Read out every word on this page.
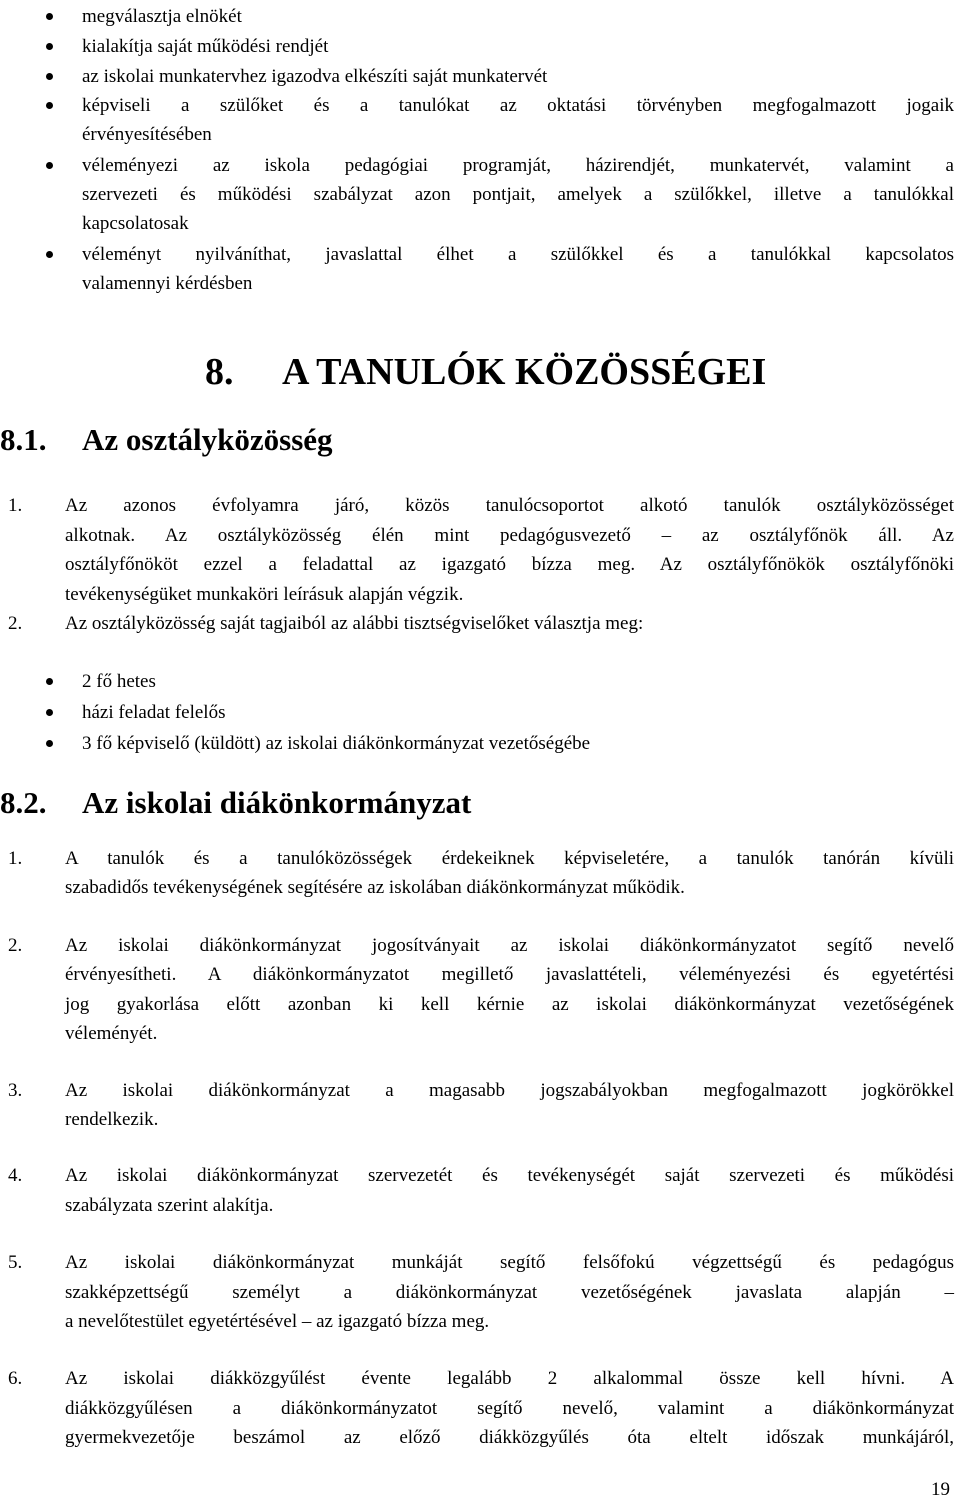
megválasztja elnökét
kialakítja saját működési rendjét
az iskolai munkatervhez igazodva elkészíti saját munkatervét
képviseli a szülőket és a tanulókat az oktatási törvényben megfogalmazott jogaik
érvényesítésében
véleményezi az iskola pedagógiai programját, házirendjét, munkatervét, valamint a
szervezeti és működési szabályzat azon pontjait, amelyek a szülőkkel, illetve a tanulókkal
kapcsolatosak
véleményt nyilváníthat, javaslattal élhet a szülőkkel és a tanulókkal kapcsolatos
valamennyi kérdésben
8. A TANULÓK KÖZÖSSÉGEI
8.1. Az osztályközösség
1. Az azonos évfolyamra járó, közös tanulócsoportot alkotó tanulók osztályközösséget
alkotnak. Az osztályközösség élén mint pedagógusvezető – az osztályfőnök áll. Az
osztályfőnököt ezzel a feladattal az igazgató bízza meg. Az osztályfőnökök osztályfőnöki
tevékenységüket munkaköri leírásuk alapján végzik.
2. Az osztályközösség saját tagjaiból az alábbi tisztségviselőket választja meg:
2 fő hetes
házi feladat felelős
3 fő képviselő (küldött) az iskolai diákönkormányzat vezetőségébe
8.2. Az iskolai diákönkormányzat
1. A tanulók és a tanulóközösségek érdekeiknek képviseletére, a tanulók tanórán kívüli
szabadidős tevékenységének segítésére az iskolában diákönkormányzat működik.
2. Az iskolai diákönkormányzat jogosítványait az iskolai diákönkormányzatot segítő nevelő
érvényesítheti. A diákönkormányzatot megillető javaslattételi, véleményezési és egyetértési
jog gyakorlása előtt azonban ki kell kérnie az iskolai diákönkormányzat vezetőségének
véleményét.
3. Az iskolai diákönkormányzat a magasabb jogszabályokban megfogalmazott jogkörökkel
rendelkezik.
4. Az iskolai diákönkormányzat szervezetét és tevékenységét saját szervezeti és működési
szabályzata szerint alakítja.
5. Az iskolai diákönkormányzat munkáját segítő felsőfokú végzettségű és pedagógus
szakképzettségű személyt a diákönkormányzat vezetőségének javaslata alapján –
a nevelőtestület egyetértésével – az igazgató bízza meg.
6. Az iskolai diákközgyűlést évente legalább 2 alkalommal össze kell hívni. A
diákközgyűlésen a diákönkormányzatot segítő nevelő, valamint a diákönkormányzat
gyermekvezetője beszámol az előző diákközgyűlés óta eltelt időszak munkájáról,
19
